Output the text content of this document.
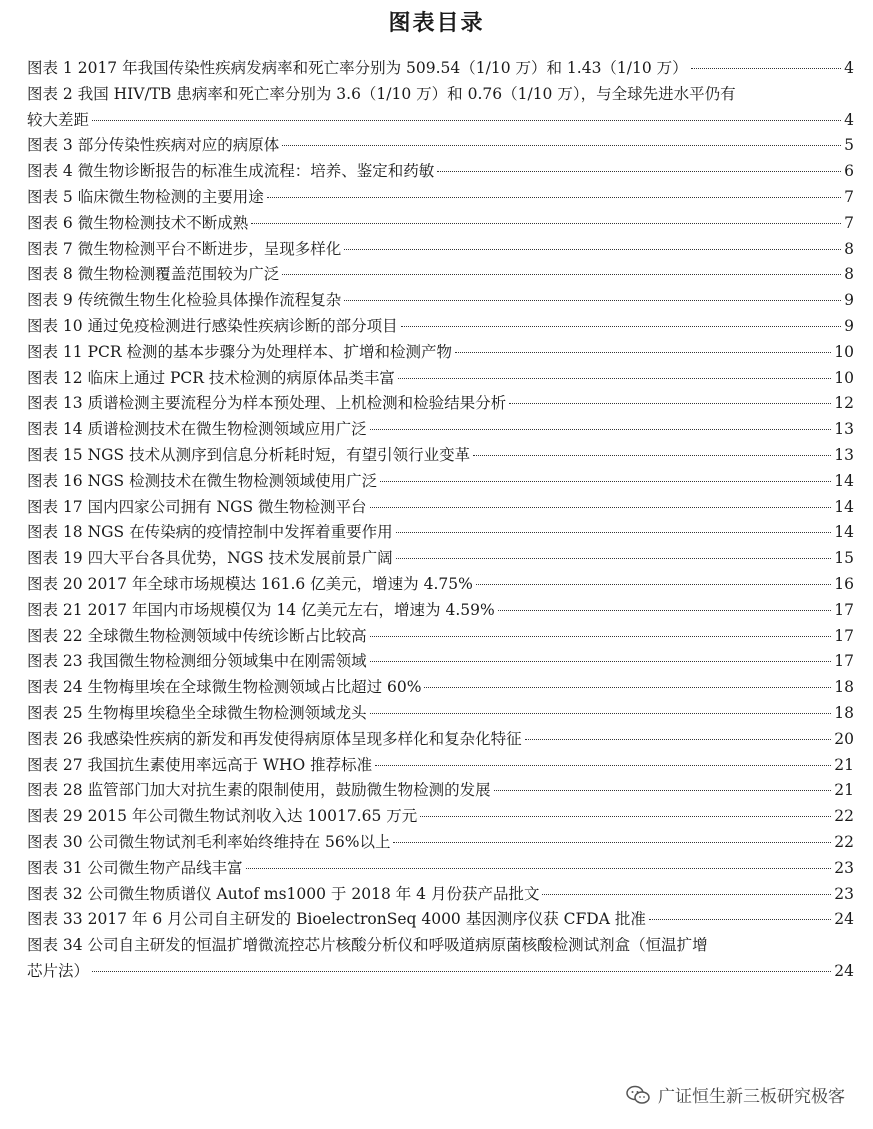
图表目录
图表 1 2017 年我国传染性疾病发病率和死亡率分别为 509.54（1/10 万）和 1.43（1/10 万）	4
图表 2 我国 HIV/TB 患病率和死亡率分别为 3.6（1/10 万）和 0.76（1/10 万），与全球先进水平仍有
较大差距	4
图表 3 部分传染性疾病对应的病原体	5
图表 4 微生物诊断报告的标准生成流程：培养、鉴定和药敏	6
图表 5 临床微生物检测的主要用途	7
图表 6 微生物检测技术不断成熟	7
图表 7 微生物检测平台不断进步，呈现多样化	8
图表 8 微生物检测覆盖范围较为广泛	8
图表 9 传统微生物生化检验具体操作流程复杂	9
图表 10 通过免疫检测进行感染性疾病诊断的部分项目	9
图表 11 PCR 检测的基本步骤分为处理样本、扩增和检测产物	10
图表 12 临床上通过 PCR 技术检测的病原体品类丰富	10
图表 13 质谱检测主要流程分为样本预处理、上机检测和检验结果分析	12
图表 14 质谱检测技术在微生物检测领域应用广泛	13
图表 15 NGS 技术从测序到信息分析耗时短，有望引领行业变革	13
图表 16 NGS 检测技术在微生物检测领域使用广泛	14
图表 17 国内四家公司拥有 NGS 微生物检测平台	14
图表 18 NGS 在传染病的疫情控制中发挥着重要作用	14
图表 19 四大平台各具优势，NGS 技术发展前景广阔	15
图表 20 2017 年全球市场规模达 161.6 亿美元，增速为 4.75%	16
图表 21 2017 年国内市场规模仅为 14 亿美元左右，增速为 4.59%	17
图表 22 全球微生物检测领域中传统诊断占比较高	17
图表 23 我国微生物检测细分领域集中在刚需领域	17
图表 24 生物梅里埃在全球微生物检测领域占比超过 60%	18
图表 25 生物梅里埃稳坐全球微生物检测领域龙头	18
图表 26 我感染性疾病的新发和再发使得病原体呈现多样化和复杂化特征	20
图表 27 我国抗生素使用率远高于 WHO 推荐标准	21
图表 28 监管部门加大对抗生素的限制使用，鼓励微生物检测的发展	21
图表 29 2015 年公司微生物试剂收入达 10017.65 万元	22
图表 30 公司微生物试剂毛利率始终维持在 56%以上	22
图表 31 公司微生物产品线丰富	23
图表 32 公司微生物质谱仪 Autof ms1000 于 2018 年 4 月份获产品批文	23
图表 33 2017 年 6 月公司自主研发的 BioelectronSeq 4000 基因测序仪获 CFDA 批准	24
图表 34 公司自主研发的恒温扩增微流控芯片核酸分析仪和呼吸道病原菌核酸检测试剂盒（恒温扩增
芯片法）	24
广证恒生新三板研究极客
